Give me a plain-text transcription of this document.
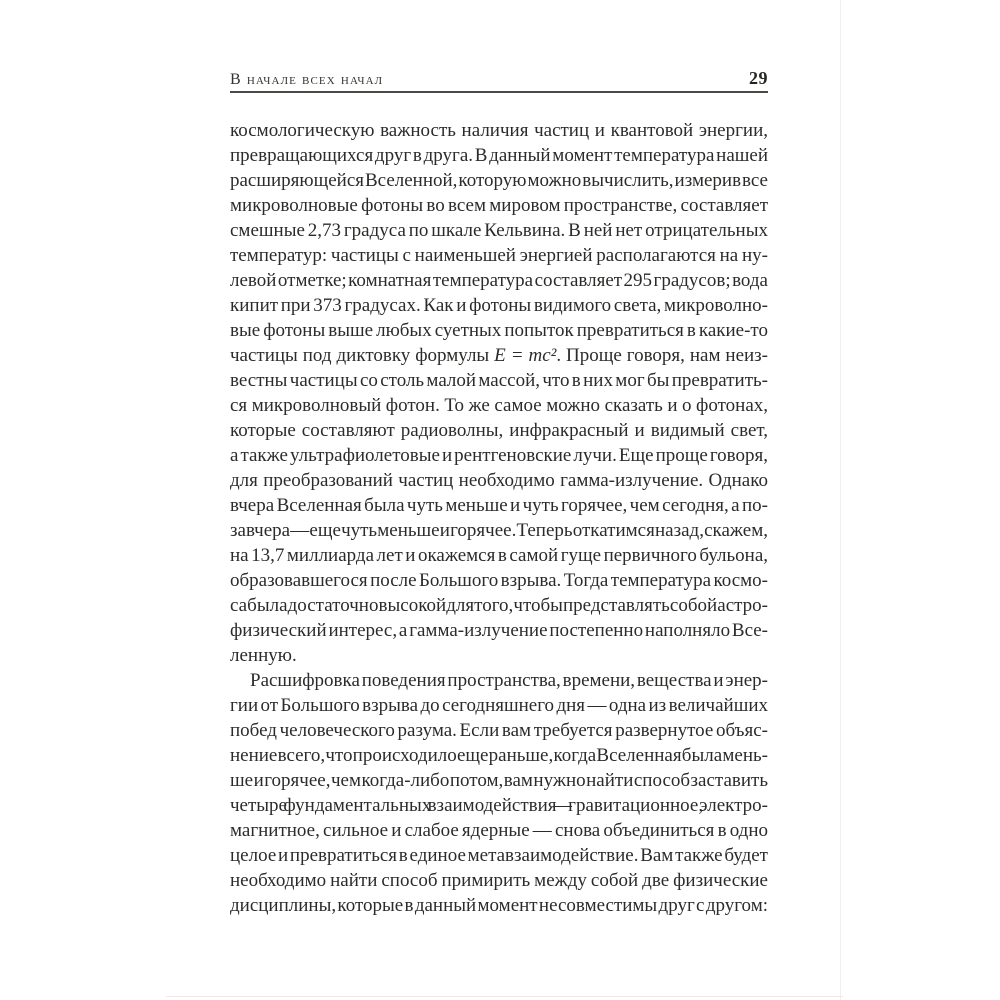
В начале всех начал	29
космологическую важность наличия частиц и квантовой энергии,
превращающихся друг в друга. В данный момент температура нашей
расширяющейся Вселенной, которую можно вычислить, измерив все
микроволновые фотоны во всем мировом пространстве, составляет
смешные 2,73 градуса по шкале Кельвина. В ней нет отрицательных
температур: частицы с наименьшей энергией располагаются на ну-
левой отметке; комнатная температура составляет 295 градусов; вода
кипит при 373 градусах. Как и фотоны видимого света, микроволно-
вые фотоны выше любых суетных попыток превратиться в какие-то
частицы под диктовку формулы E = mc². Проще говоря, нам неиз-
вестны частицы со столь малой массой, что в них мог бы превратить-
ся микроволновый фотон. То же самое можно сказать и о фотонах,
которые составляют радиоволны, инфракрасный и видимый свет,
а также ультрафиолетовые и рентгеновские лучи. Еще проще говоря,
для преобразований частиц необходимо гамма-излучение. Однако
вчера Вселенная была чуть меньше и чуть горячее, чем сегодня, а по-
завчера — еще чуть меньше и горячее. Теперь откатимся назад, скажем,
на 13,7 миллиарда лет и окажемся в самой гуще первичного бульона,
образовавшегося после Большого взрыва. Тогда температура космо-
са была достаточно высокой для того, чтобы представлять собой астро-
физический интерес, а гамма-излучение постепенно наполняло Все-
ленную.
Расшифровка поведения пространства, времени, вещества и энер-
гии от Большого взрыва до сегодняшнего дня — одна из величайших
побед человеческого разума. Если вам требуется развернутое объяс-
нение всего, что происходило еще раньше, когда Вселенная была мень-
ше и горячее, чем когда-либо потом, вам нужно найти способ заставить
четыре фундаментальных взаимодействия — гравитационное, электро-
магнитное, сильное и слабое ядерные — снова объединиться в одно
целое и превратиться в единое метавзаимодействие. Вам также будет
необходимо найти способ примирить между собой две физические
дисциплины, которые в данный момент несовместимы друг с другом:
